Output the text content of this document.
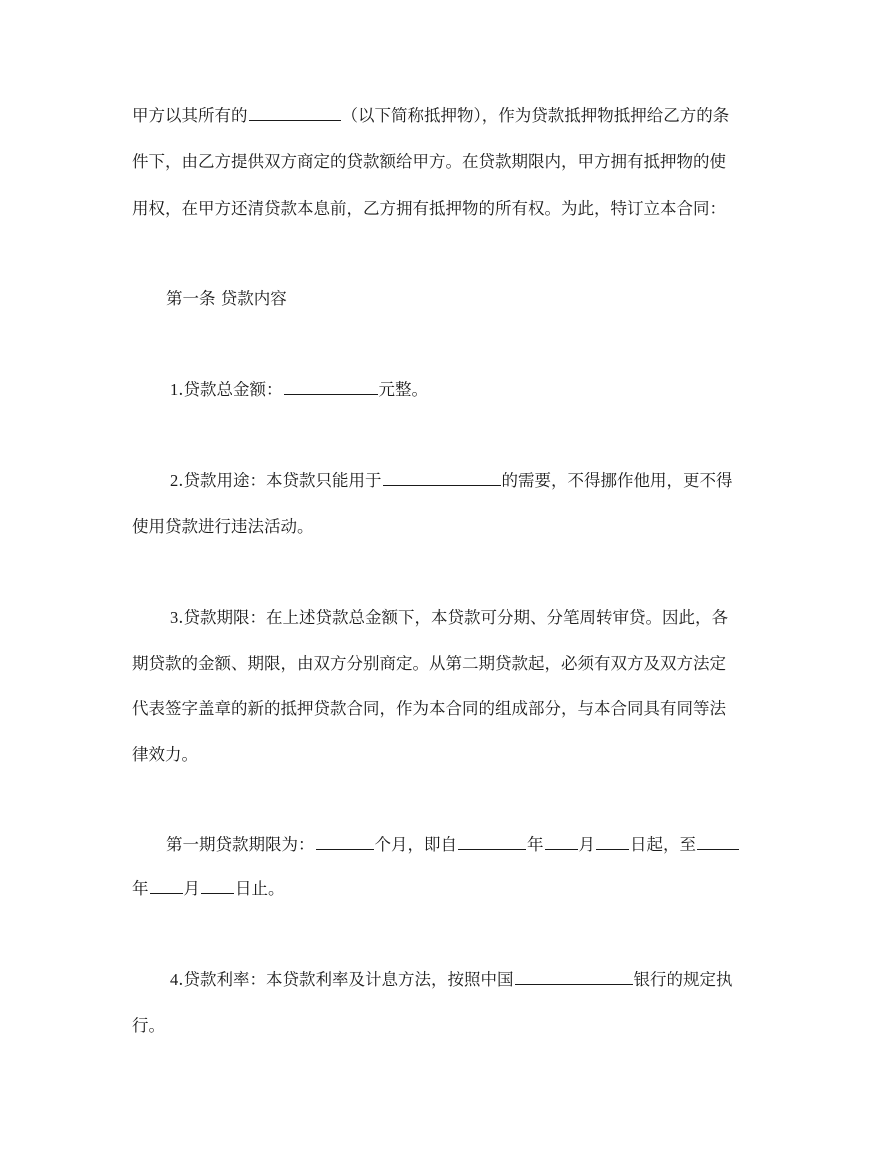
甲方以其所有的	（以下简称抵押物），作为贷款抵押物抵押给乙方的条
件下，由乙方提供双方商定的贷款额给甲方。在贷款期限内，甲方拥有抵押物的使
用权，在甲方还清贷款本息前，乙方拥有抵押物的所有权。为此，特订立本合同：
第一条 贷款内容
1.贷款总金额：	元整。
2.贷款用途：本贷款只能用于	的需要，不得挪作他用，更不得
使用贷款进行违法活动。
3.贷款期限：在上述贷款总金额下，本贷款可分期、分笔周转审贷。因此，各
期贷款的金额、期限，由双方分别商定。从第二期贷款起，必须有双方及双方法定
代表签字盖章的新的抵押贷款合同，作为本合同的组成部分，与本合同具有同等法
律效力。
第一期贷款期限为：	个月，即自	年 月 日起，至
年 月 日止。
4.贷款利率：本贷款利率及计息方法，按照中国	银行的规定执
行。
